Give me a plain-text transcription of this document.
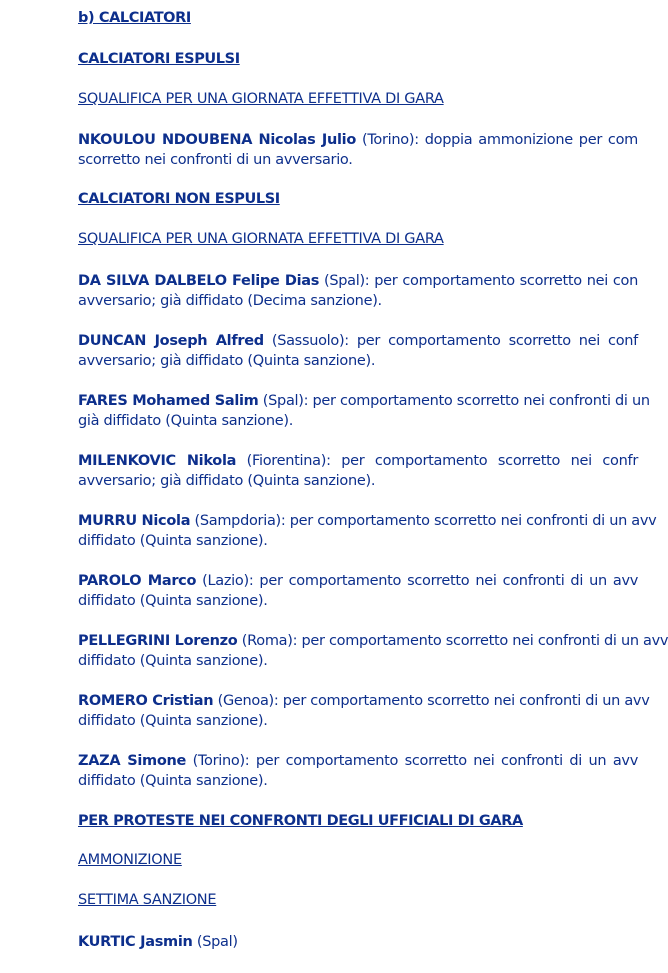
b) CALCIATORI
CALCIATORI ESPULSI
SQUALIFICA PER UNA GIORNATA EFFETTIVA DI GARA
NKOULOU NDOUBENA Nicolas Julio (Torino): doppia ammonizione per com
scorretto nei confronti di un avversario.
CALCIATORI NON ESPULSI
SQUALIFICA PER UNA GIORNATA EFFETTIVA DI GARA
DA SILVA DALBELO Felipe Dias (Spal): per comportamento scorretto nei con
avversario; già diffidato (Decima sanzione).
DUNCAN Joseph Alfred (Sassuolo): per comportamento scorretto nei conf
avversario; già diffidato (Quinta sanzione).
FARES Mohamed Salim (Spal): per comportamento scorretto nei confronti di un
già diffidato (Quinta sanzione).
MILENKOVIC Nikola (Fiorentina): per comportamento scorretto nei confr
avversario; già diffidato (Quinta sanzione).
MURRU Nicola (Sampdoria): per comportamento scorretto nei confronti di un avv
diffidato (Quinta sanzione).
PAROLO Marco (Lazio): per comportamento scorretto nei confronti di un avv
diffidato (Quinta sanzione).
PELLEGRINI Lorenzo (Roma): per comportamento scorretto nei confronti di un avv
diffidato (Quinta sanzione).
ROMERO Cristian (Genoa): per comportamento scorretto nei confronti di un avv
diffidato (Quinta sanzione).
ZAZA Simone (Torino): per comportamento scorretto nei confronti di un avv
diffidato (Quinta sanzione).
PER PROTESTE NEI CONFRONTI DEGLI UFFICIALI DI GARA
AMMONIZIONE
SETTIMA SANZIONE
KURTIC Jasmin (Spal)
